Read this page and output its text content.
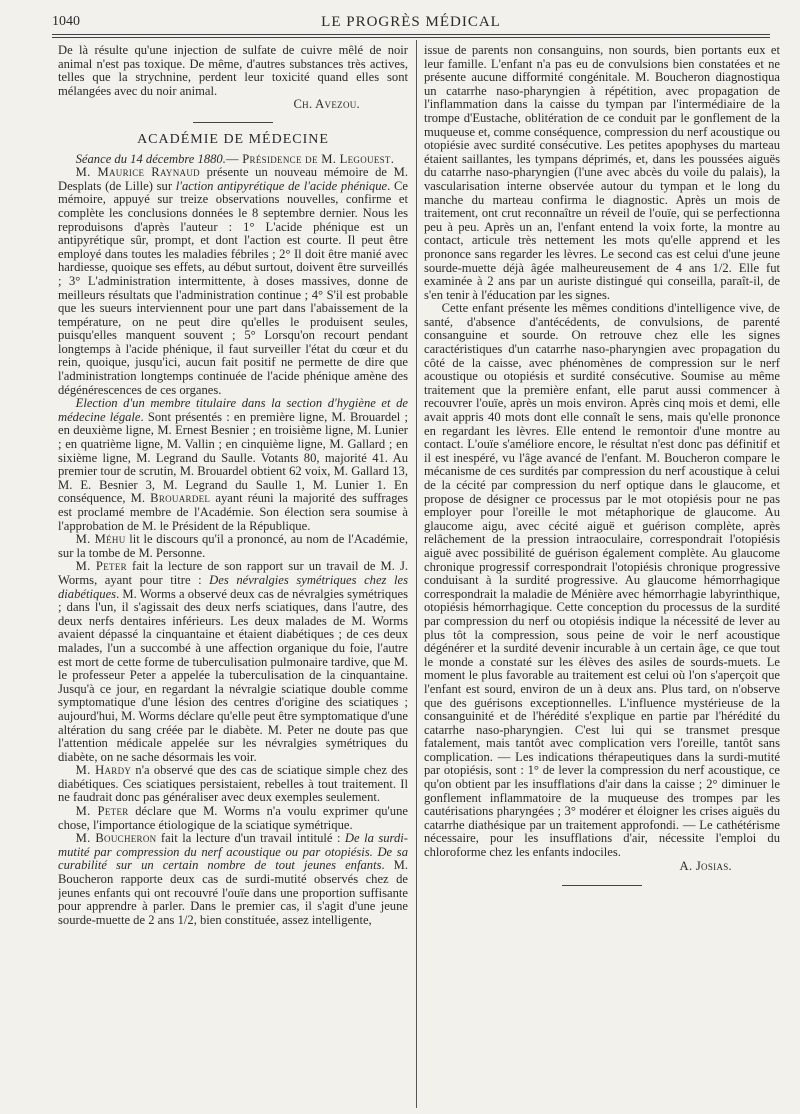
1040	LE PROGRÈS MÉDICAL

De là résulte qu'une injection de sulfate de cuivre mêlé de noir animal n'est pas toxique. De même, d'autres substances très actives, telles que la strychnine, perdent leur toxicité quand elles sont mélangées avec du noir animal.

Ch. Avezou.
ACADÉMIE DE MÉDECINE

Séance du 14 décembre 1880.— Présidence de M. Legouest.

M. Maurice Raynaud présente un nouveau mémoire de M. Desplats (de Lille) sur l'action antipyrétique de l'acide phénique. Ce mémoire, appuyé sur treize observations nouvelles, confirme et complète les conclusions données le 8 septembre dernier. Nous les reproduisons d'après l'auteur : 1° L'acide phénique est un antipyrétique sûr, prompt, et dont l'action est courte. Il peut être employé dans toutes les maladies fébriles ; 2° Il doit être manié avec hardiesse, quoique ses effets, au début surtout, doivent être surveillés ; 3° L'administration intermittente, à doses massives, donne de meilleurs résultats que l'administration continue ; 4° S'il est probable que les sueurs interviennent pour une part dans l'abaissement de la température, on ne peut dire qu'elles le produisent seules, puisqu'elles manquent souvent ; 5° Lorsqu'on recourt pendant longtemps à l'acide phénique, il faut surveiller l'état du cœur et du rein, quoique, jusqu'ici, aucun fait positif ne permette de dire que l'administration longtemps continuée de l'acide phénique amène des dégénérescences de ces organes.

Election d'un membre titulaire dans la section d'hygiène et de médecine légale. Sont présentés : en première ligne, M. Brouardel ; en deuxième ligne, M. Ernest Besnier ; en troisième ligne, M. Lunier ; en quatrième ligne, M. Vallin ; en cinquième ligne, M. Gallard ; en sixième ligne, M. Legrand du Saulle. Votants 80, majorité 41. Au premier tour de scrutin, M. Brouardel obtient 62 voix, M. Gallard 13, M. E. Besnier 3, M. Legrand du Saulle 1, M. Lunier 1. En conséquence, M. Brouardel ayant réuni la majorité des suffrages est proclamé membre de l'Académie. Son élection sera soumise à l'approbation de M. le Président de la République.

M. Méhu lit le discours qu'il a prononcé, au nom de l'Académie, sur la tombe de M. Personne.

M. Peter fait la lecture de son rapport sur un travail de M. J. Worms, ayant pour titre : Des névralgies symétriques chez les diabétiques. M. Worms a observé deux cas de névralgies symétriques ; dans l'un, il s'agissait des deux nerfs sciatiques, dans l'autre, des deux nerfs dentaires inférieurs. Les deux malades de M. Worms avaient dépassé la cinquantaine et étaient diabétiques ; de ces deux malades, l'un a succombé à une affection organique du foie, l'autre est mort de cette forme de tuberculisation pulmonaire tardive, que M. le professeur Peter a appelée la tuberculisation de la cinquantaine. Jusqu'à ce jour, en regardant la névralgie sciatique double comme symptomatique d'une lésion des centres d'origine des sciatiques ; aujourd'hui, M. Worms déclare qu'elle peut être symptomatique d'une altération du sang créée par le diabète. M. Peter ne doute pas que l'attention médicale appelée sur les névralgies symétriques du diabète, on ne sache désormais les voir.

M. Hardy n'a observé que des cas de sciatique simple chez des diabétiques. Ces sciatiques persistaient, rebelles à tout traitement. Il ne faudrait donc pas généraliser avec deux exemples seulement.

M. Peter déclare que M. Worms n'a voulu exprimer qu'une chose, l'importance étiologique de la sciatique symétrique.

M. Boucheron fait la lecture d'un travail intitulé : De la surdi-mutité par compression du nerf acoustique ou par otopiésis. De sa curabilité sur un certain nombre de tout jeunes enfants. M. Boucheron rapporte deux cas de surdi-mutité observés chez de jeunes enfants qui ont recouvré l'ouïe dans une proportion suffisante pour apprendre à parler. Dans le premier cas, il s'agit d'une jeune sourde-muette de 2 ans 1/2, bien constituée, assez intelligente,

issue de parents non consanguins, non sourds, bien portants eux et leur famille. L'enfant n'a pas eu de convulsions bien constatées et ne présente aucune difformité congénitale. M. Boucheron diagnostiqua un catarrhe naso-pharyngien à répétition, avec propagation de l'inflammation dans la caisse du tympan par l'intermédiaire de la trompe d'Eustache, oblitération de ce conduit par le gonflement de la muqueuse et, comme conséquence, compression du nerf acoustique ou otopiésie avec surdité consécutive. Les petites apophyses du marteau étaient saillantes, les tympans déprimés, et, dans les poussées aiguës du catarrhe naso-pharyngien (l'une avec abcès du voile du palais), la vascularisation interne observée autour du tympan et le long du manche du marteau confirma le diagnostic. Après un mois de traitement, ont crut reconnaître un réveil de l'ouïe, qui se perfectionna peu à peu. Après un an, l'enfant entend la voix forte, la montre au contact, articule très nettement les mots qu'elle apprend et les prononce sans regarder les lèvres. Le second cas est celui d'une jeune sourde-muette déjà âgée malheureusement de 4 ans 1/2. Elle fut examinée à 2 ans par un auriste distingué qui conseilla, paraît-il, de s'en tenir à l'éducation par les signes.

Cette enfant présente les mêmes conditions d'intelligence vive, de santé, d'absence d'antécédents, de convulsions, de parenté consanguine et sourde. On retrouve chez elle les signes caractéristiques d'un catarrhe naso-pharyngien avec propagation du côté de la caisse, avec phénomènes de compression sur le nerf acoustique ou otopiésis et surdité consécutive. Soumise au même traitement que la première enfant, elle parut aussi commencer à recouvrer l'ouïe, après un mois environ. Après cinq mois et demi, elle avait appris 40 mots dont elle connaît le sens, mais qu'elle prononce en regardant les lèvres. Elle entend le remontoir d'une montre au contact. L'ouïe s'améliore encore, le résultat n'est donc pas définitif et il est inespéré, vu l'âge avancé de l'enfant. M. Boucheron compare le mécanisme de ces surdités par compression du nerf acoustique à celui de la cécité par compression du nerf optique dans le glaucome, et propose de désigner ce processus par le mot otopiésis pour ne pas employer pour l'oreille le mot métaphorique de glaucome. Au glaucome aigu, avec cécité aiguë et guérison complète, après relâchement de la pression intraoculaire, correspondrait l'otopiésis aiguë avec possibilité de guérison également complète. Au glaucome chronique progressif correspondrait l'otopiésis chronique progressive conduisant à la surdité progressive. Au glaucome hémorrhagique correspondrait la maladie de Ménière avec hémorrhagie labyrinthique, otopiésis hémorrhagique. Cette conception du processus de la surdité par compression du nerf ou otopiésis indique la nécessité de lever au plus tôt la compression, sous peine de voir le nerf acoustique dégénérer et la surdité devenir incurable à un certain âge, ce que tout le monde a constaté sur les élèves des asiles de sourds-muets. Le moment le plus favorable au traitement est celui où l'on s'aperçoit que l'enfant est sourd, environ de un à deux ans. Plus tard, on n'observe que des guérisons exceptionnelles. L'influence mystérieuse de la consanguinité et de l'hérédité s'explique en partie par l'hérédité du catarrhe naso-pharyngien. C'est lui qui se transmet presque fatalement, mais tantôt avec complication vers l'oreille, tantôt sans complication. — Les indications thérapeutiques dans la surdi-mutité par otopiésis, sont : 1° de lever la compression du nerf acoustique, ce qu'on obtient par les insufflations d'air dans la caisse ; 2° diminuer le gonflement inflammatoire de la muqueuse des trompes par les cautérisations pharyngées ; 3° modérer et éloigner les crises aiguës du catarrhe diathésique par un traitement approfondi. — Le cathétérisme nécessaire, pour les insufflations d'air, nécessite l'emploi du chloroforme chez les enfants indociles.

A. Josias.
